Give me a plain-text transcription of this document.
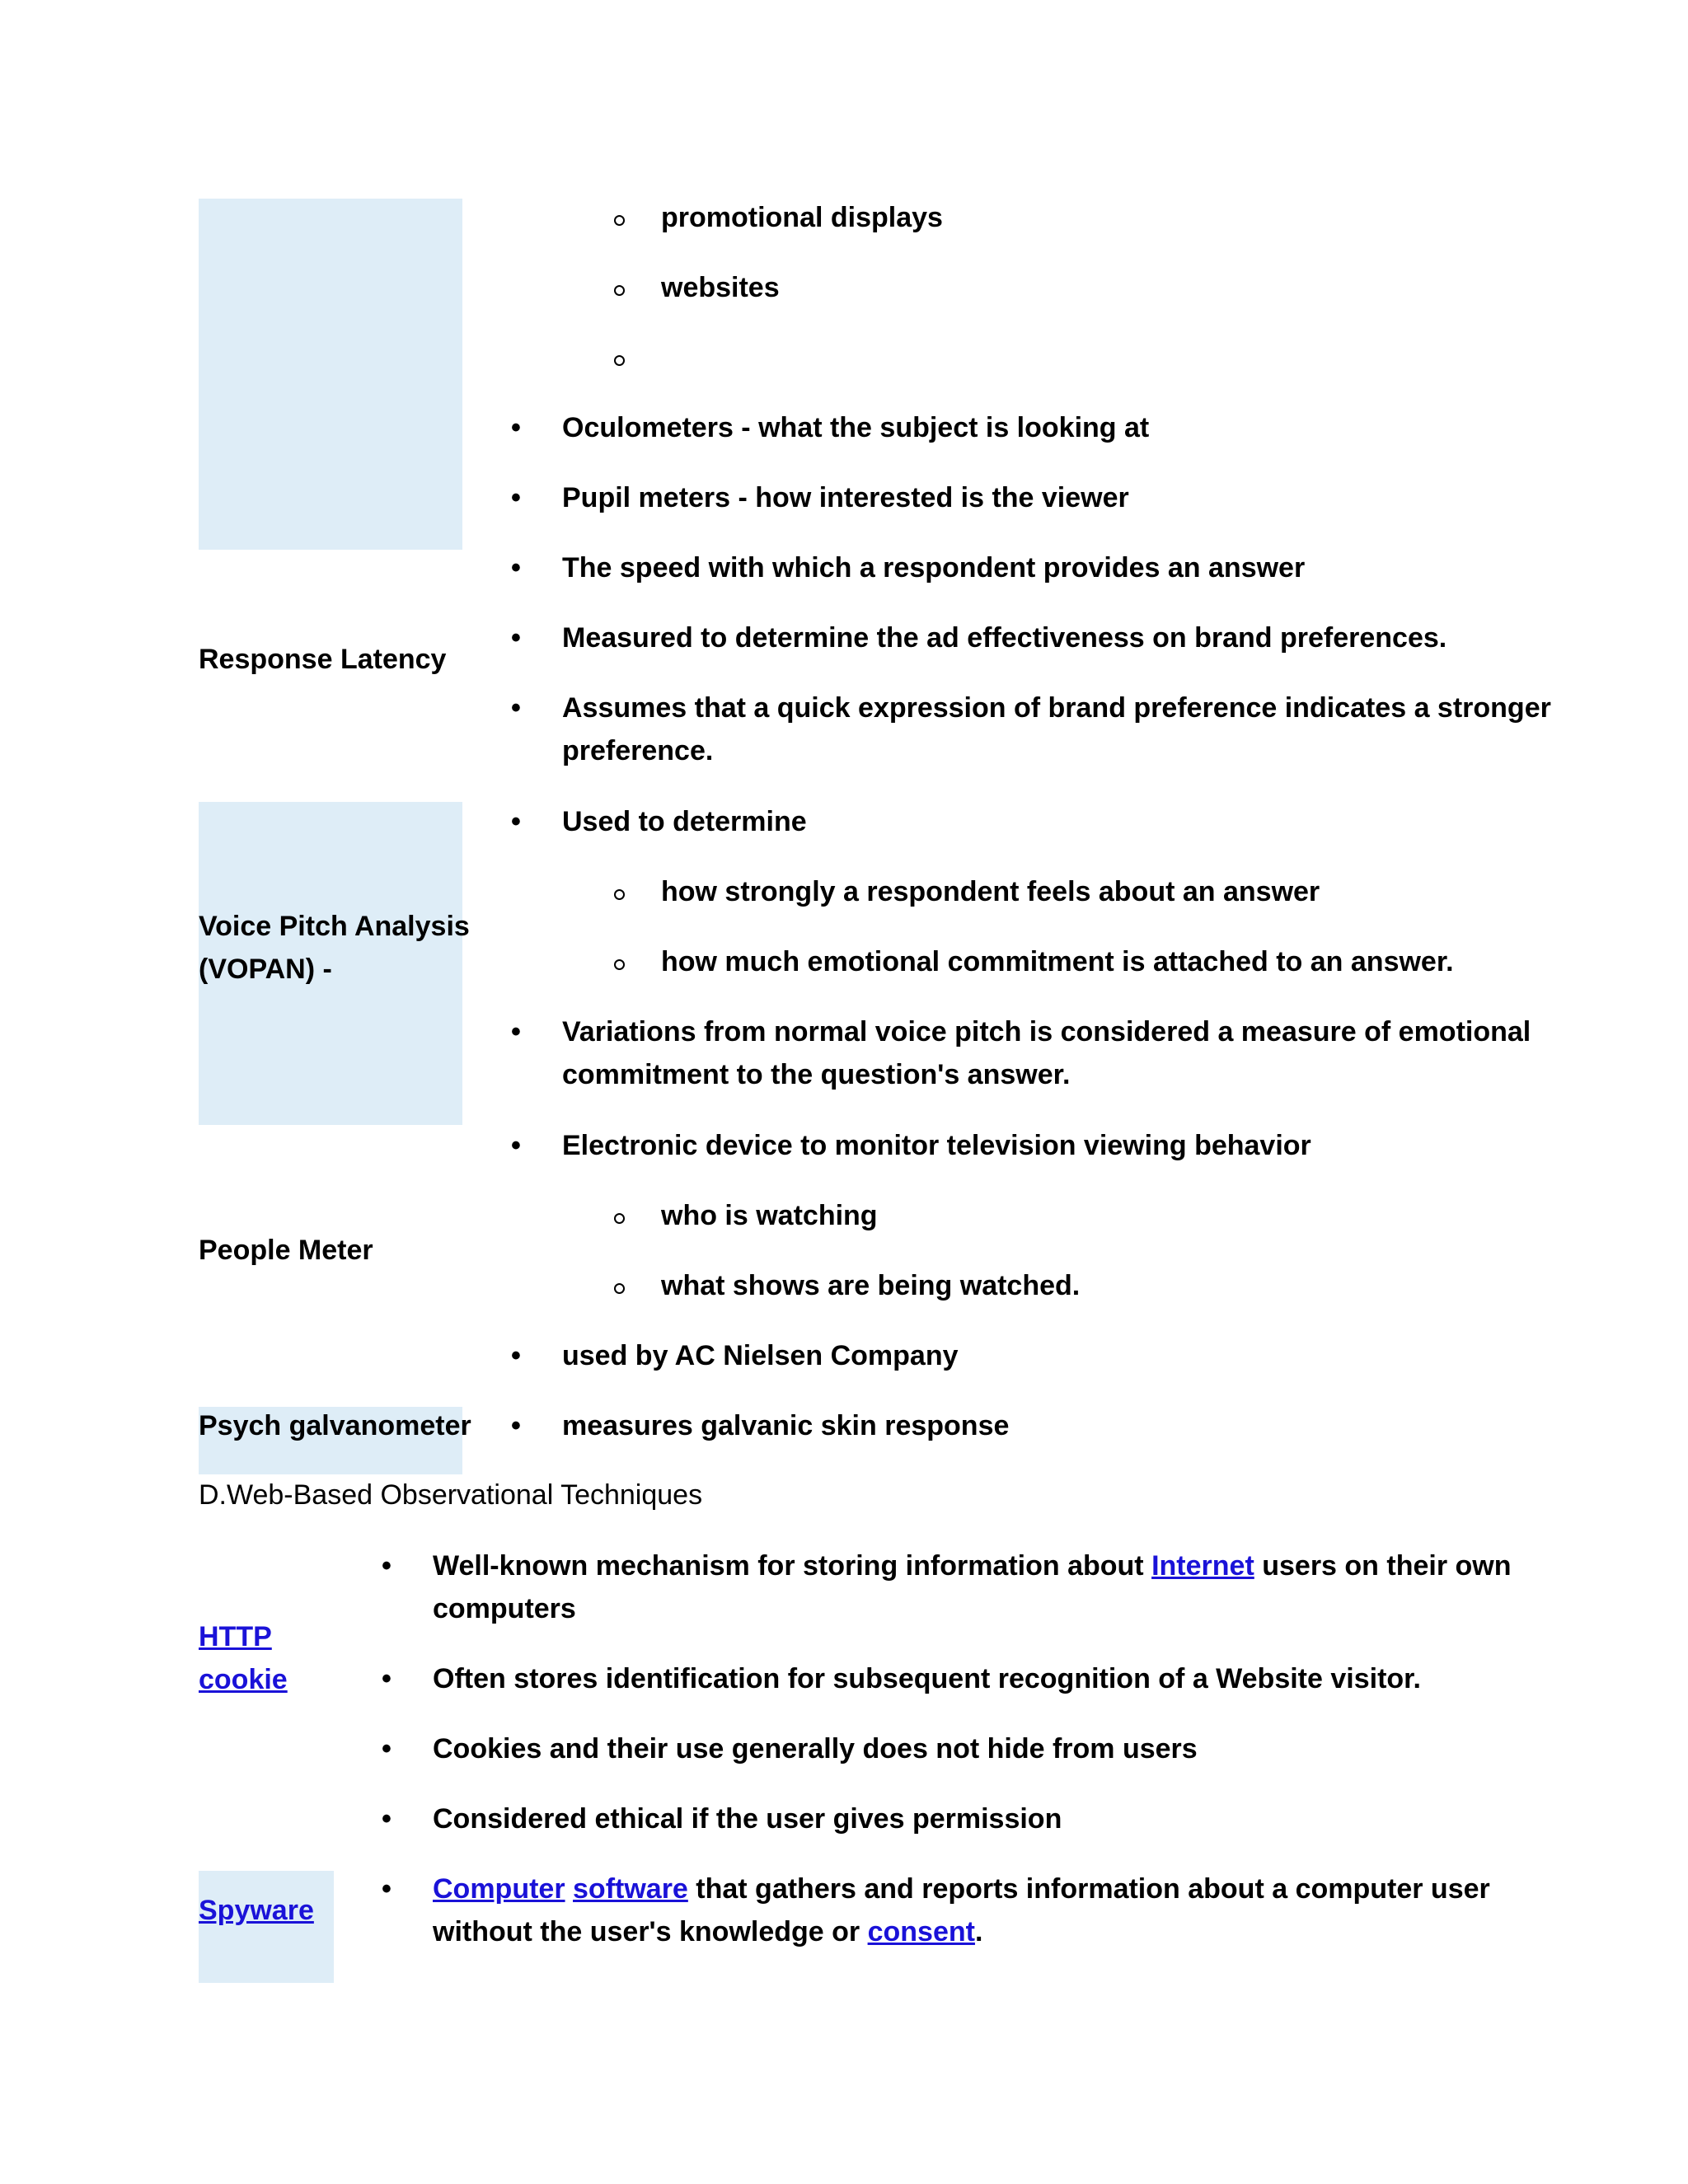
promotional displays
websites
• Oculometers - what the subject is looking at
• Pupil meters - how interested is the viewer
Response Latency
• The speed with which a respondent provides an answer
• Measured to determine the ad effectiveness on brand preferences.
• Assumes that a quick expression of brand preference indicates a stronger
preference.
Voice Pitch Analysis
(VOPAN) -
• Used to determine
how strongly a respondent feels about an answer
how much emotional commitment is attached to an answer.
• Variations from normal voice pitch is considered a measure of emotional
commitment to the question's answer.
People Meter
• Electronic device to monitor television viewing behavior
who is watching
what shows are being watched.
• used by AC Nielsen Company
Psych galvanometer • measures galvanic skin response
D.Web-Based Observational Techniques
HTTP
cookie
• Well-known mechanism for storing information about Internet users on their own
computers
• Often stores identification for subsequent recognition of a Website visitor.
• Cookies and their use generally does not hide from users
• Considered ethical if the user gives permission
Spyware
• Computer software that gathers and reports information about a computer user
without the user's knowledge or consent.
